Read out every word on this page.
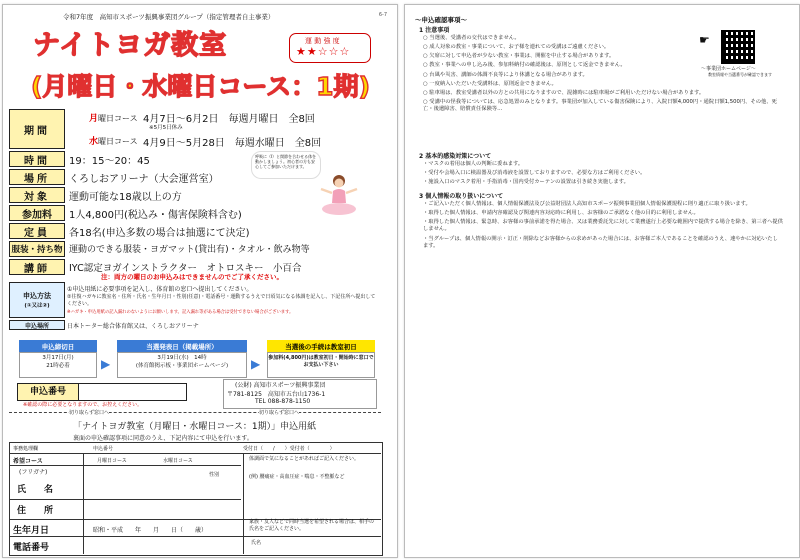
令和7年度　高知市スポーツ振興事業団グループ（指定管理者自主事業）	6-7
ナイトヨガ教室
(月曜日・水曜日コース：1期)
運 動 強 度
★★☆☆☆
期間
月曜日コース 4月7日～6月2日　毎週月曜日　全8回
※5月5日休み
水曜日コース 4月9日～5月28日　毎週水曜日　全8回
時間	19：15～20：45
場所	くろしおアリーナ（大会運営室）
対象	運動可能な18歳以上の方
参加料	1人4,800円(税込み・傷害保険料含む)
定員	各18名(申込多数の場合は抽選にて決定)
服装・持ち物 運動のできる服装・ヨガマット(貸出有)・タオル・飲み物等
講師	IYC認定ヨガインストラクター　オトロスキー　小百合
呼吸に（I）と関節を合わせる体を動かしましょう。初心者の方も安心してご参加いただけます。
注：両方の曜日のお申込みはできませんのでご了承ください。
申込方法
(①又は②)
①申込用紙に必要事項を記入し、体育館の窓口へ提出してください。
②往復ハガキに教室名・住所・氏名・生年月日・性別(任意)・電話番号・運動するうえで日頃気になる体調を記入し、下記住所へ提出してください。
※ハガキ・申込用紙の記入漏れのないようにお願いします。記入漏れ等がある場合は受付できない場合がございます。
申込場所	日本トーター総合体育館又は、くろしおアリーナ
申込締切日
3月17日(月)
21時必着	▶
当選発表日（掲載場所）
3月19日(水)　14時
(体育館掲示板・事業団ホームページ)	▶
当選後の手続は教室初日
参加料(4,800円)は教室初日・開始時に窓口でお支払い下さい
申込番号
(公財) 高知市スポーツ振興事業団
〒781-8125　高知市五台山1736-1
TEL 088-878-1150
※確認の際に必要となりますので、お控えください。
切り取らず窓口へ	切り取らず窓口へ
「ナイトヨガ教室（月曜日・水曜日コース：1期）」申込用紙
裏面の申込確認事項に同意のうえ、下記内容にて申込を行います。
事務処理欄	申込番号	受付日（　　/　　）受付者（　　　　）
希望コース	月曜日コース	水曜日コース	体調面で気になることがあればご記入ください。
(フリガナ)
氏　　名
性別	(例) 腰痛症・高血圧症・喘息・不整脈など
住　　所
生年月日	昭和・平成　　年　　月　　日（　　歳）
家族・友人などで同時当選を希望される場合は、相手の氏名をご記入ください。
電話番号	氏名
～申込確認事項～
☛
～事業団ホームページ～
教室情報や当選番号が確認できます
1 注意事項
○ 当選後、受講者の交代はできません。
○ 成人対象の教室・事業について、お子様を連れての受講はご遠慮ください。
○ 欠席に対して申込者が少ない教室・事業は、開催を中止する場合があります。
○ 教室・事業への申し込み後、参加料納付の確認後は、原則として返金できません。
○ 台風や災害、講師の体調不良等により休講となる場合があります。
○ 一度納入いただいた受講料は、原則返金できません。
○ 駐車場は、教室受講者以外の方との共用になりますので、混雑時には駐車場がご利用いただけない場合があります。
○ 受講中の怪我等については、応急処置のみとなります。事業団が加入している傷害保険により、入院日額4,000円・通院日額1,500円、その他、死亡・後遺障害、賠償責任保険等…
2 基本的感染対策について
・マスクの着用は個人の判断に委ねます。
・受付や会場入口に検温器及び消毒液を設置しておりますので、必要な方はご利用ください。
・施設入口のマスク着用・手指消毒・国内受付カーテンの設置は引き続き実施します。
3 個人情報の取り扱いについて
・ご記入いただく個人情報は、個人情報保護法及び公益財団法人高知市スポーツ振興事業団個人情報保護規程に則り適正に取り扱います。
・取得した個人情報は、申請内容確認及び関連内容対応時に利用し、お客様のご承諾なく他の目的に利用しません。
・取得した個人情報は、緊急時、お客様の事前承諾を得た場合、又は業務委託先に対して業務遂行上必要な範囲内で提供する場合を除き、第三者へ提供しません。
・当グループは、個人情報の開示・訂正・削除などお客様からの求めがあった場合には、お客様ご本人であることを確認のうえ、速やかに対応いたします。
